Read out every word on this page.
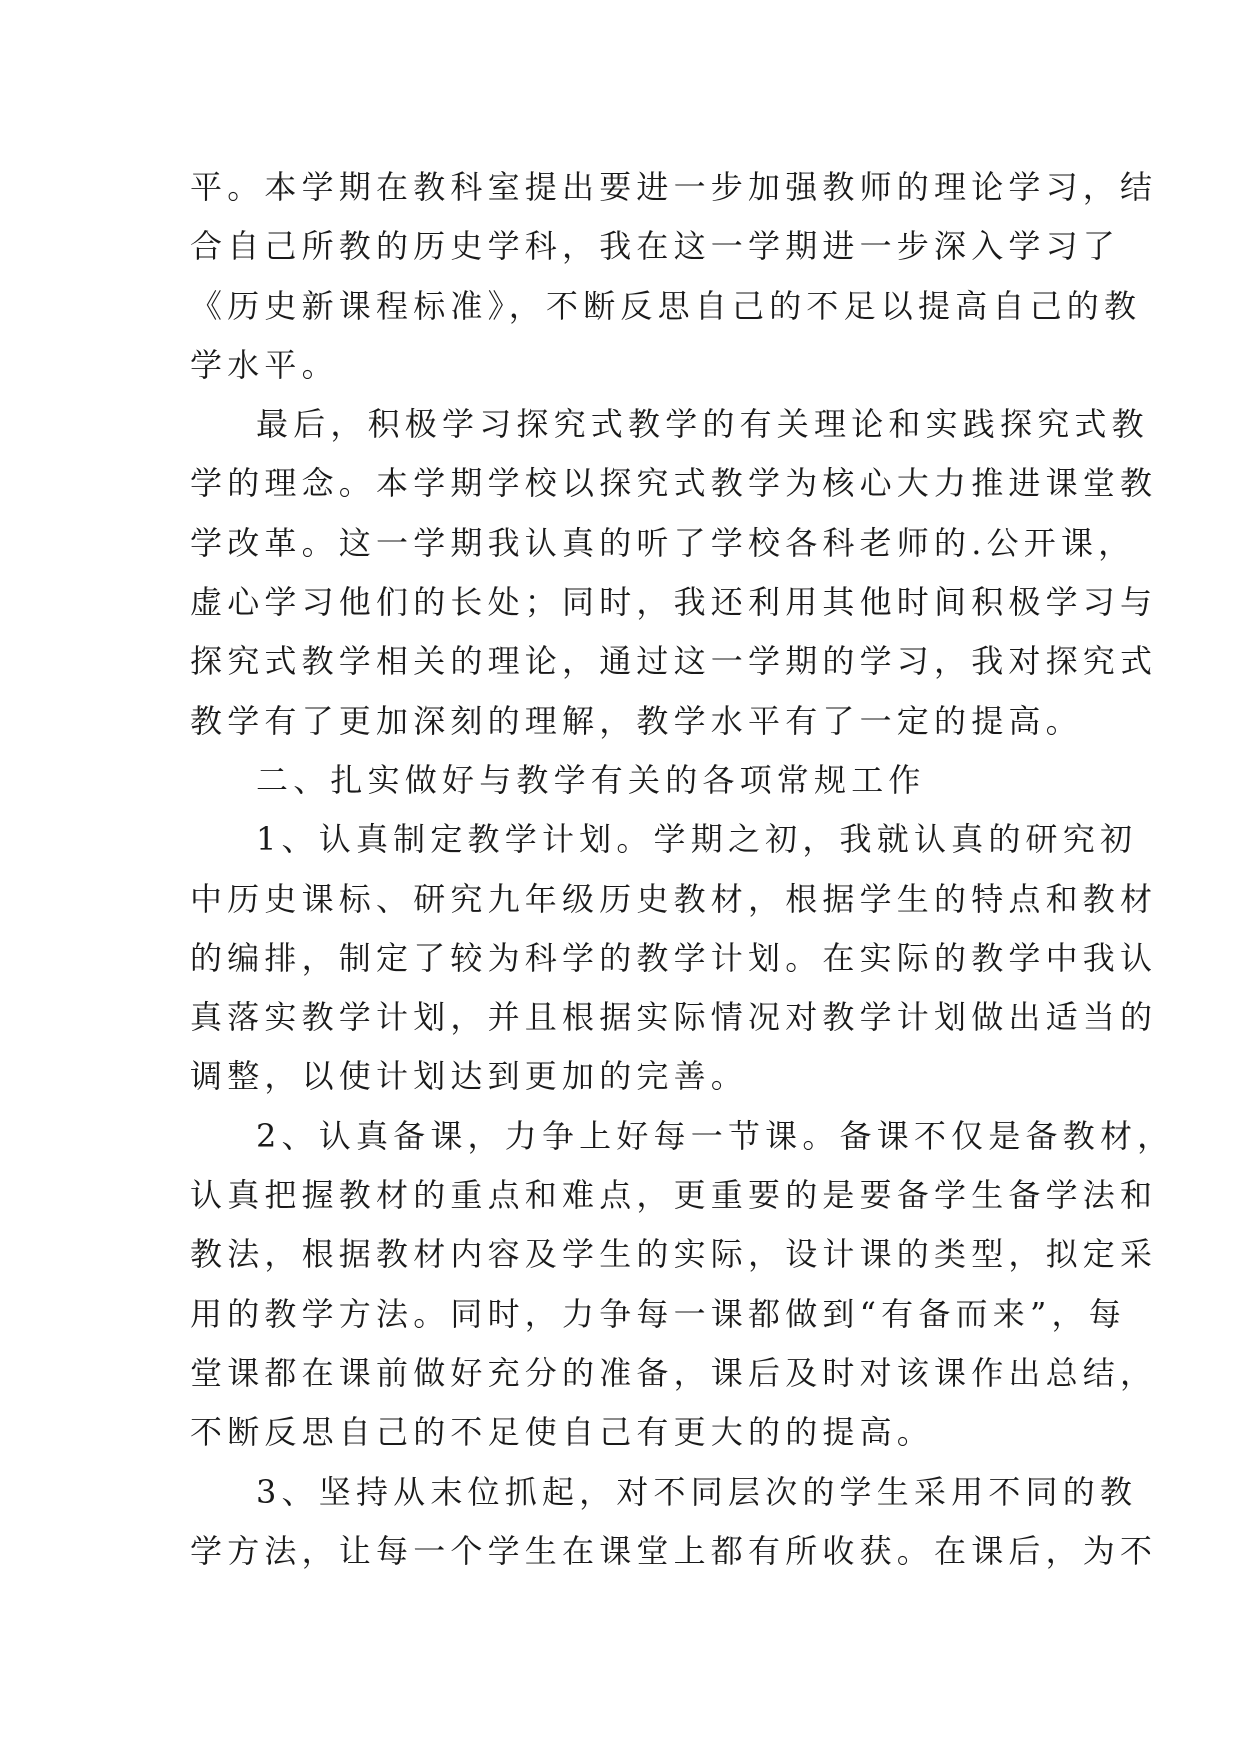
平。本学期在教科室提出要进一步加强教师的理论学习，结
合自己所教的历史学科，我在这一学期进一步深入学习了
《历史新课程标准》，不断反思自己的不足以提高自己的教
学水平。
最后，积极学习探究式教学的有关理论和实践探究式教
学的理念。本学期学校以探究式教学为核心大力推进课堂教
学改革。这一学期我认真的听了学校各科老师的.公开课，
虚心学习他们的长处；同时，我还利用其他时间积极学习与
探究式教学相关的理论，通过这一学期的学习，我对探究式
教学有了更加深刻的理解，教学水平有了一定的提高。
二、扎实做好与教学有关的各项常规工作
1、认真制定教学计划。学期之初，我就认真的研究初
中历史课标、研究九年级历史教材，根据学生的特点和教材
的编排，制定了较为科学的教学计划。在实际的教学中我认
真落实教学计划，并且根据实际情况对教学计划做出适当的
调整，以使计划达到更加的完善。
2、认真备课，力争上好每一节课。备课不仅是备教材，
认真把握教材的重点和难点，更重要的是要备学生备学法和
教法，根据教材内容及学生的实际，设计课的类型，拟定采
用的教学方法。同时，力争每一课都做到“有备而来”，每
堂课都在课前做好充分的准备，课后及时对该课作出总结，
不断反思自己的不足使自己有更大的的提高。
3、坚持从末位抓起，对不同层次的学生采用不同的教
学方法，让每一个学生在课堂上都有所收获。在课后，为不
